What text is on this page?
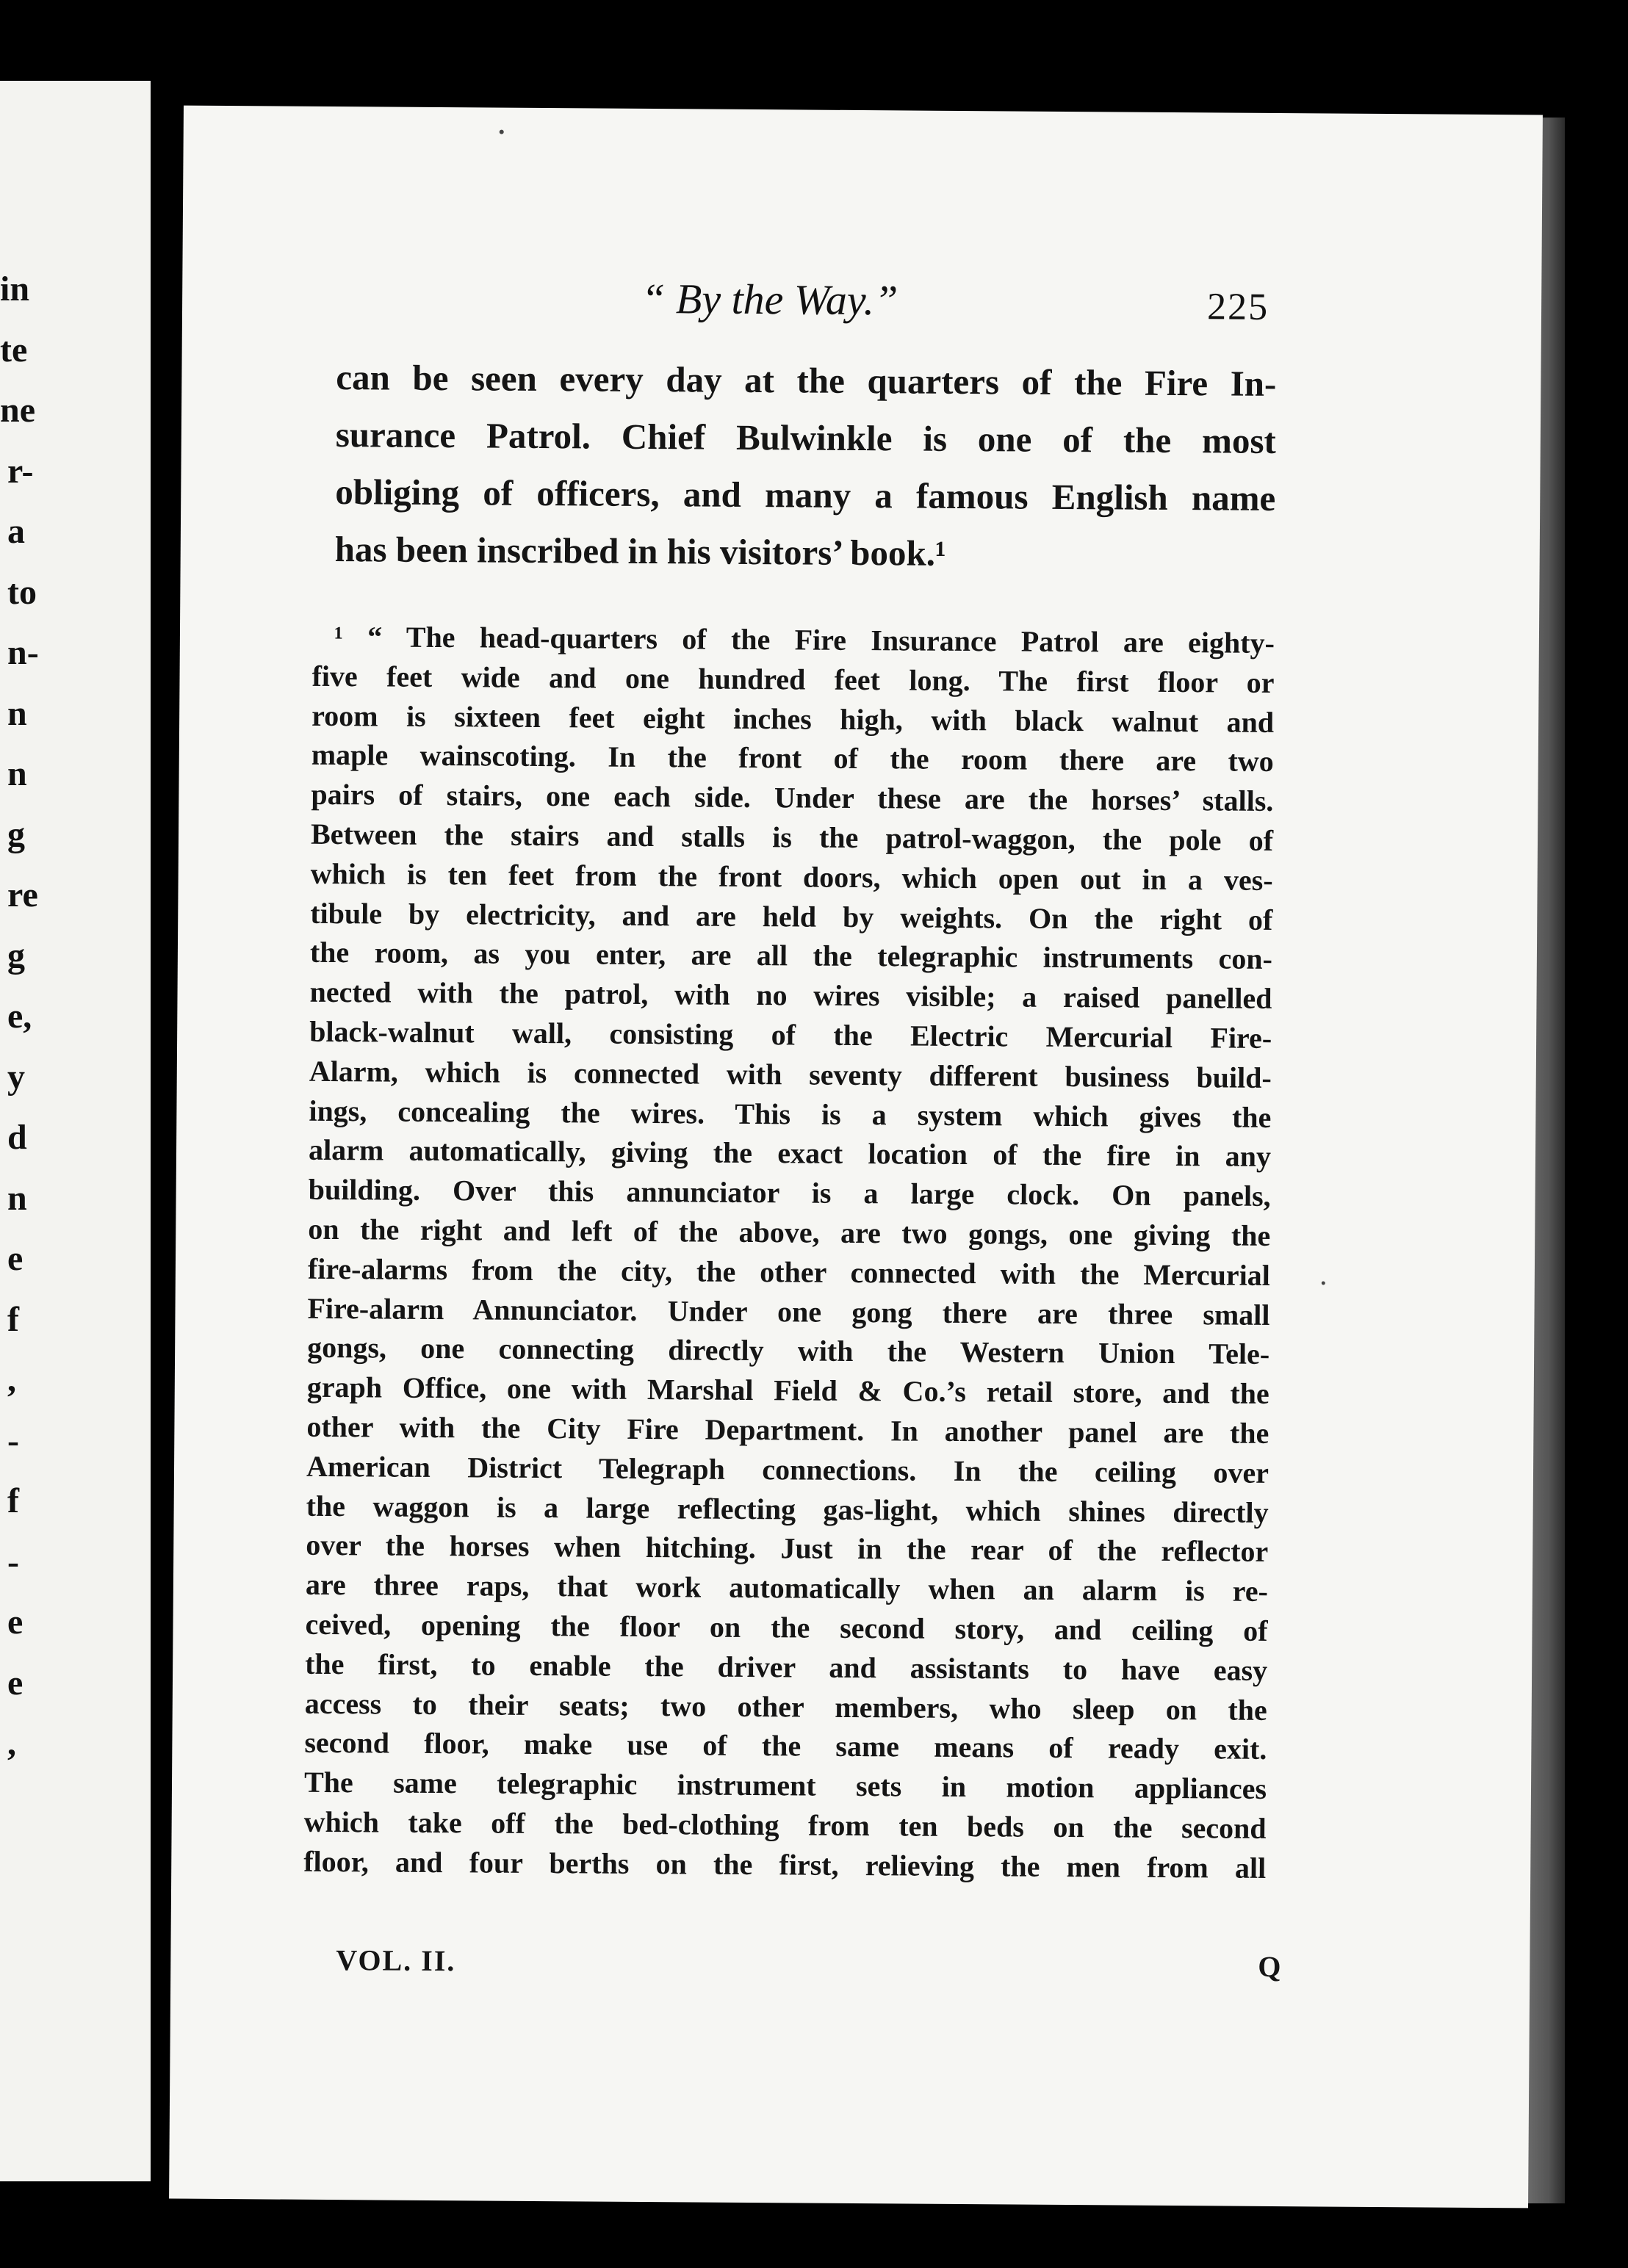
in
te
ne
r-
a
to
n-
n
n
g
re
g
e,
y
d
n
e
f
,
-
f
-
e
e
,
“ By the Way.”	225
can be seen every day at the quarters of the Fire In-
surance Patrol. Chief Bulwinkle is one of the most
obliging of officers, and many a famous English name
has been inscribed in his visitors’ book.¹
¹ “ The head-quarters of the Fire Insurance Patrol are eighty-
five feet wide and one hundred feet long. The first floor or
room is sixteen feet eight inches high, with black walnut and
maple wainscoting. In the front of the room there are two
pairs of stairs, one each side. Under these are the horses’ stalls.
Between the stairs and stalls is the patrol-waggon, the pole of
which is ten feet from the front doors, which open out in a ves-
tibule by electricity, and are held by weights. On the right of
the room, as you enter, are all the telegraphic instruments con-
nected with the patrol, with no wires visible; a raised panelled
black-walnut wall, consisting of the Electric Mercurial Fire-
Alarm, which is connected with seventy different business build-
ings, concealing the wires. This is a system which gives the
alarm automatically, giving the exact location of the fire in any
building. Over this annunciator is a large clock. On panels,
on the right and left of the above, are two gongs, one giving the
fire-alarms from the city, the other connected with the Mercurial
Fire-alarm Annunciator. Under one gong there are three small
gongs, one connecting directly with the Western Union Tele-
graph Office, one with Marshal Field & Co.’s retail store, and the
other with the City Fire Department. In another panel are the
American District Telegraph connections. In the ceiling over
the waggon is a large reflecting gas-light, which shines directly
over the horses when hitching. Just in the rear of the reflector
are three raps, that work automatically when an alarm is re-
ceived, opening the floor on the second story, and ceiling of
the first, to enable the driver and assistants to have easy
access to their seats; two other members, who sleep on the
second floor, make use of the same means of ready exit.
The same telegraphic instrument sets in motion appliances
which take off the bed-clothing from ten beds on the second
floor, and four berths on the first, relieving the men from all
VOL. II.	Q
